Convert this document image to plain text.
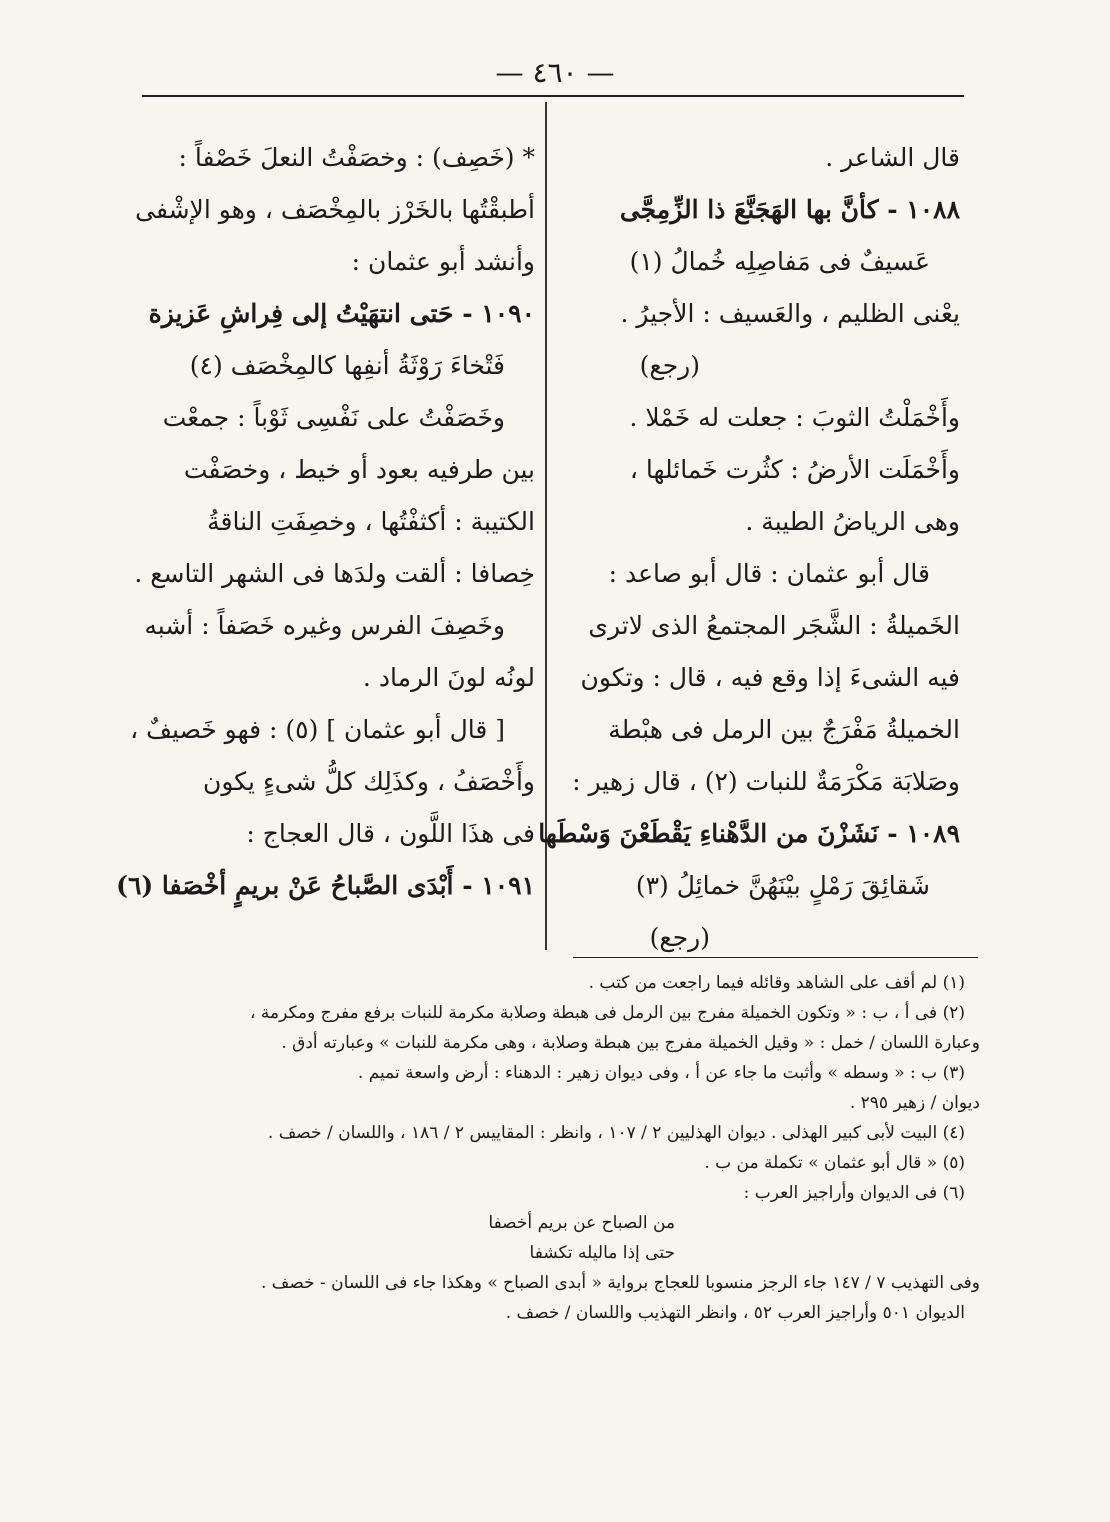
— ٤٦٠ —
قال الشاعر .
١٠٨٨ - كأنَّ بها الهَجَنَّعَ ذا الزِّمِجَّى
عَسيفٌ فى مَفاصِلِه خُمالُ (١)
يعْنى الظليم ، والعَسيف : الأجيرُ .
(رجع)
وأَخْمَلْتُ الثوبَ : جعلت له خَمْلا .
وأَخْمَلَت الأرضُ : كثُرت خَمائلها ،
وهى الرياضُ الطيبة .
قال أبو عثمان : قال أبو صاعد :
الخَميلةُ : الشَّجَر المجتمعُ الذى لاترى
فيه الشىءَ إذا وقع فيه ، قال : وتكون
الخميلةُ مَفْرَجٌ بين الرمل فى هبْطة
وصَلابَة مَكْرَمَةٌ للنبات (٢) ، قال زهير :
١٠٨٩ - نَشَزْنَ من الدَّهْناءِ يَقْطَعْنَ وَسْطَها
شَقائِقَ رَمْلٍ بيْنَهُنَّ خمائِلُ (٣)
(رجع)
* (خَصِف) : وخصَفْتُ النعلَ خَصْفاً :
أطبقْتُها بالخَرْز بالمِخْصَف ، وهو الإشْفى
وأنشد أبو عثمان :
١٠٩٠ - حَتى انتهَيْتُ إلى فِراشِ عَزيزة
فَتْخاءَ رَوْثَةُ أنفِها كالمِخْصَف (٤)
وخَصَفْتُ على نَفْسِى ثَوْباً : جمعْت
بين طرفيه بعود أو خيط ، وخصَفْت
الكتيبة : أكثفْتُها ، وخصِفَتِ الناقةُ
خِصافا : ألقت ولدَها فى الشهر التاسع .
وخَصِفَ الفرس وغيره خَصَفاً : أشبه
لونُه لونَ الرماد .
[ قال أبو عثمان ] (٥) : فهو خَصيفٌ ،
وأَخْصَفُ ، وكذَلِك كلُّ شىءٍ يكون
فى هذَا اللَّون ، قال العجاج :
١٠٩١ - أَبْدَى الصَّباحُ عَنْ بريمٍ أخْصَفا (٦)
(١) لم أقف على الشاهد وقائله فيما راجعت من كتب .
(٢) فى أ ، ب : « وتكون الخميلة مفرج بين الرمل فى هبطة وصلابة مكرمة للنبات برفع مفرج ومكرمة ،
وعبارة اللسان / خمل : « وقيل الخميلة مفرج بين هبطة وصلابة ، وهى مكرمة للنبات » وعبارته أدق .
(٣) ب : « وسطه » وأثبت ما جاء عن أ ، وفى ديوان زهير : الدهناء : أرض واسعة تميم .
ديوان / زهير ٢٩٥ .
(٤) البيت لأبى كبير الهذلى . ديوان الهذليين ٢ / ١٠٧ ، وانظر : المقاييس ٢ / ١٨٦ ، واللسان / خصف .
(٥) « قال أبو عثمان » تكملة من ب .
(٦) فى الديوان وأراجيز العرب :
من الصباح عن بريم أخصفا
حتى إذا ماليله تكشفا
وفى التهذيب ٧ / ١٤٧ جاء الرجز منسوبا للعجاج برواية « أبدى الصباح » وهكذا جاء فى اللسان - خصف .
الديوان ٥٠١ وأراجيز العرب ٥٢ ، وانظر التهذيب واللسان / خصف .
